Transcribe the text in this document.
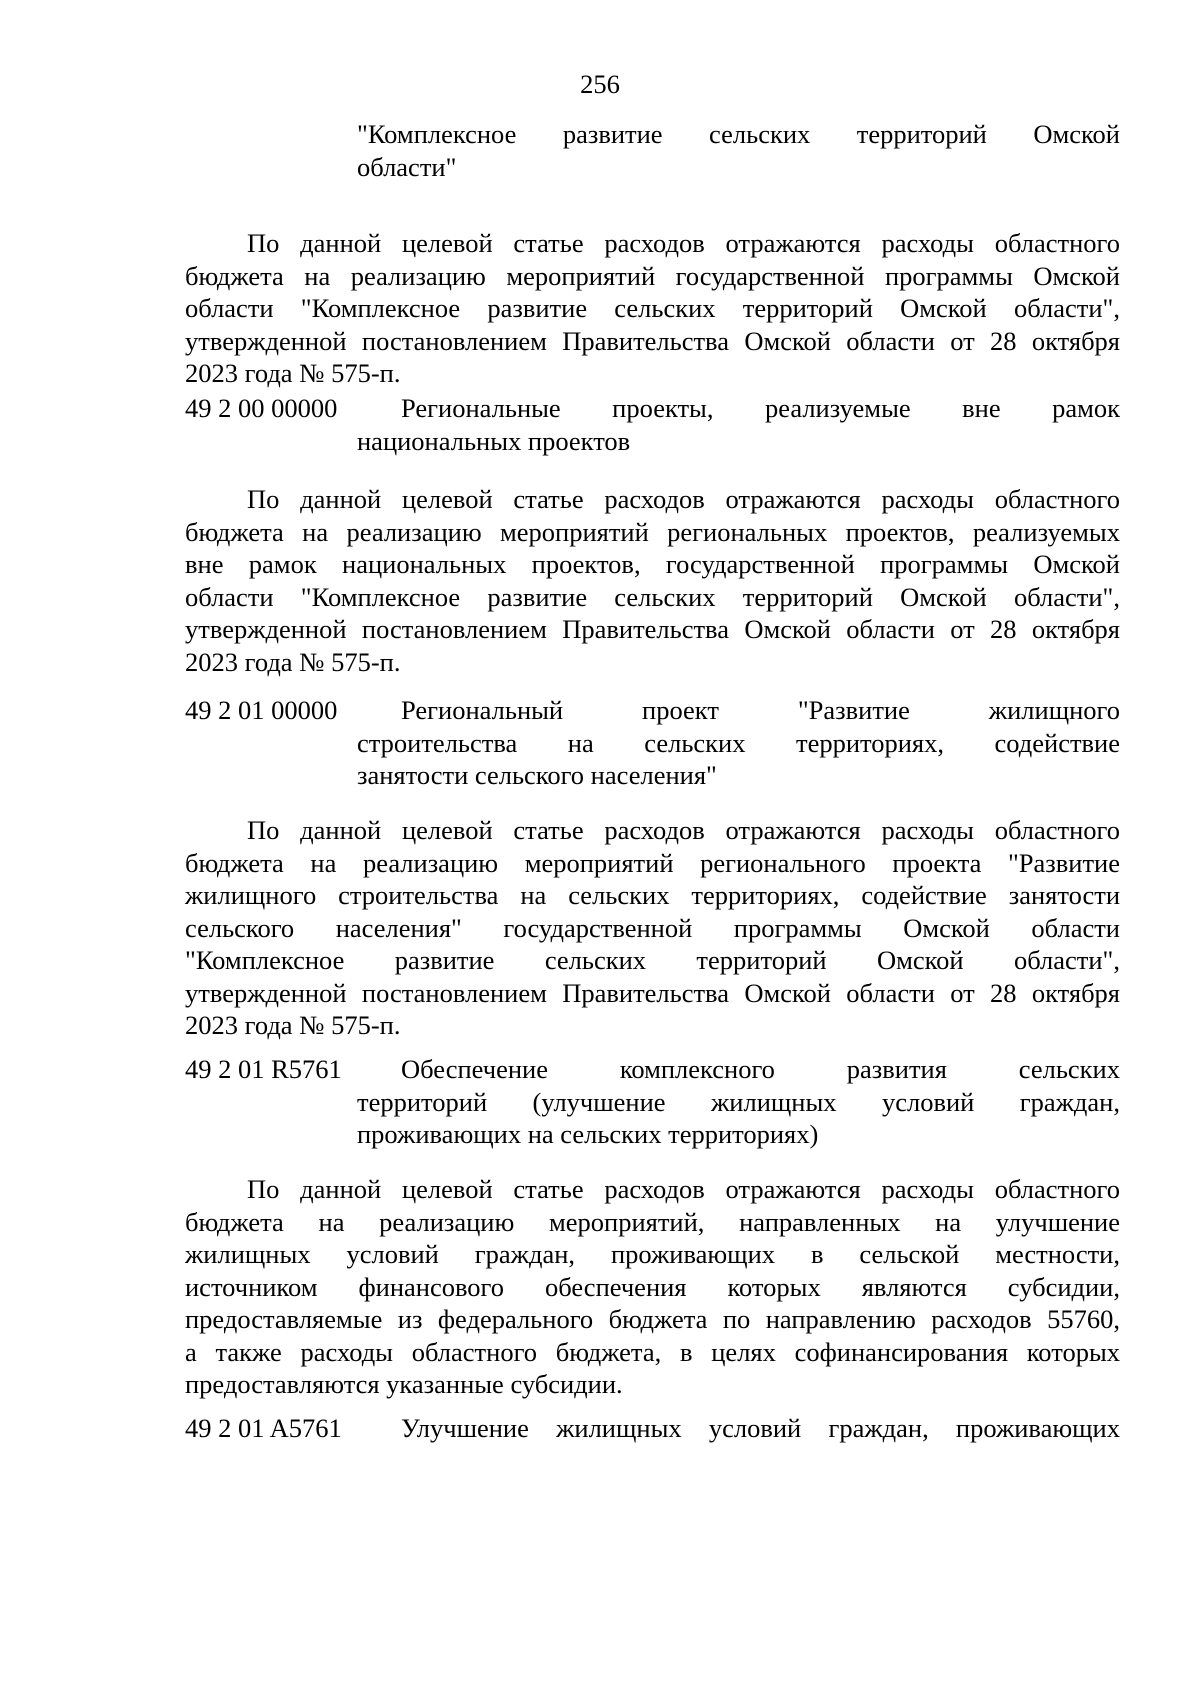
256
"Комплексное развитие сельских территорий Омской
области"
По данной целевой статье расходов отражаются расходы областного
бюджета на реализацию мероприятий государственной программы Омской
области "Комплексное развитие сельских территорий Омской области",
утвержденной постановлением Правительства Омской области от 28 октября
2023 года № 575-п.
49 2 00 00000	Региональные проекты, реализуемые вне рамок
национальных проектов
По данной целевой статье расходов отражаются расходы областного
бюджета на реализацию мероприятий региональных проектов, реализуемых
вне рамок национальных проектов, государственной программы Омской
области "Комплексное развитие сельских территорий Омской области",
утвержденной постановлением Правительства Омской области от 28 октября
2023 года № 575-п.
49 2 01 00000	Региональный проект "Развитие жилищного
строительства на сельских территориях, содействие
занятости сельского населения"
По данной целевой статье расходов отражаются расходы областного
бюджета на реализацию мероприятий регионального проекта "Развитие
жилищного строительства на сельских территориях, содействие занятости
сельского населения" государственной программы Омской области
"Комплексное развитие сельских территорий Омской области",
утвержденной постановлением Правительства Омской области от 28 октября
2023 года № 575-п.
49 2 01 R5761	Обеспечение комплексного развития сельских
территорий (улучшение жилищных условий граждан,
проживающих на сельских территориях)
По данной целевой статье расходов отражаются расходы областного
бюджета на реализацию мероприятий, направленных на улучшение
жилищных условий граждан, проживающих в сельской местности,
источником финансового обеспечения которых являются субсидии,
предоставляемые из федерального бюджета по направлению расходов 55760,
а также расходы областного бюджета, в целях софинансирования которых
предоставляются указанные субсидии.
49 2 01 A5761	Улучшение жилищных условий граждан, проживающих
